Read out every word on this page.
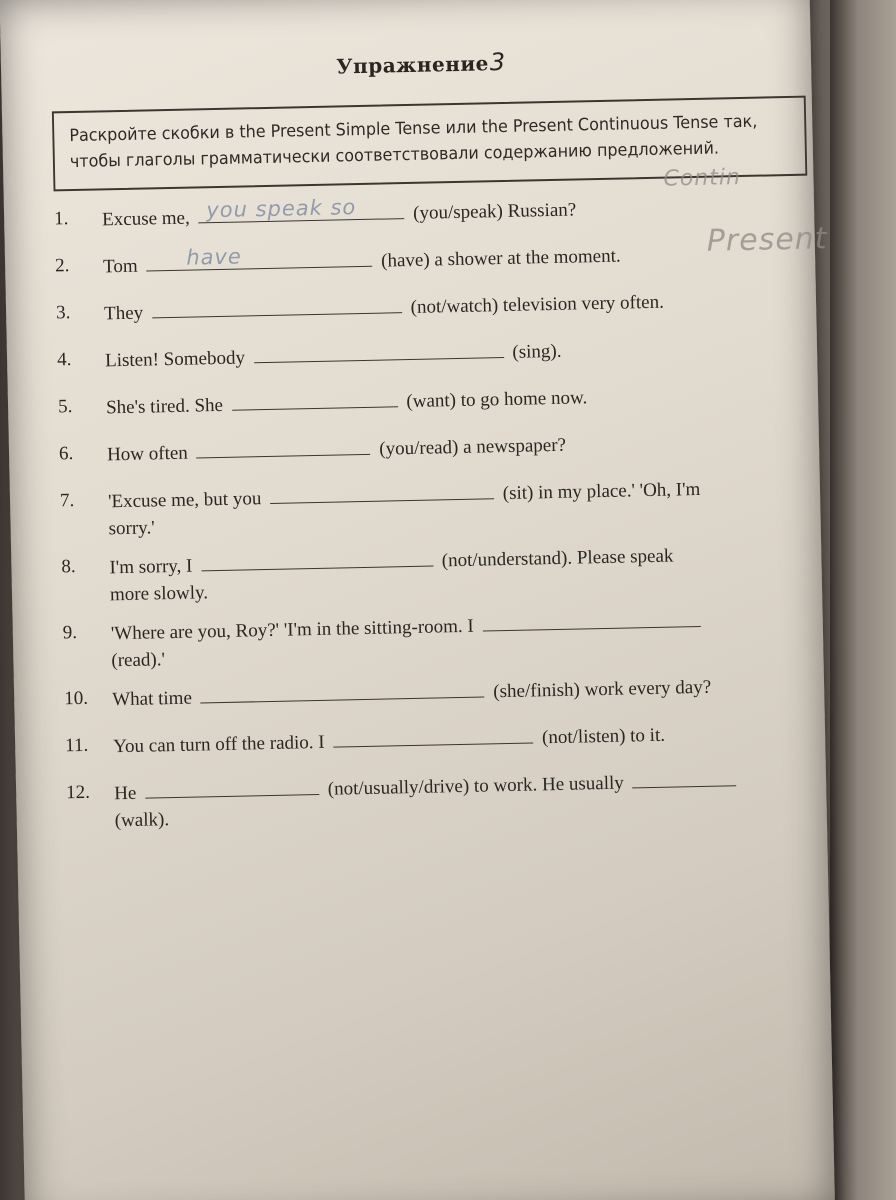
Упражнение3
Раскройте скобки в the Present Simple Tense или the Present Continuous Tense так,
чтобы глаголы грамматически соответствовали содержанию предложений.
Contin
Present
1.	Excuse me, you speak so	(you/speak) Russian?
2.	Tom have	(have) a shower at the moment.
3.	They	(not/watch) television very often.
4.	Listen! Somebody	(sing).
5.	She's tired. She	(want) to go home now.
6.	How often	(you/read) a newspaper?
7.	'Excuse me, but you	(sit) in my place.' 'Oh, I'm
sorry.'
8.	I'm sorry, I	(not/understand). Please speak
more slowly.
9.	'Where are you, Roy?' 'I'm in the sitting-room. I
(read).'
10.	What time	(she/finish) work every day?
11.	You can turn off the radio. I	(not/listen) to it.
12.	He	(not/usually/drive) to work. He usually
(walk).
